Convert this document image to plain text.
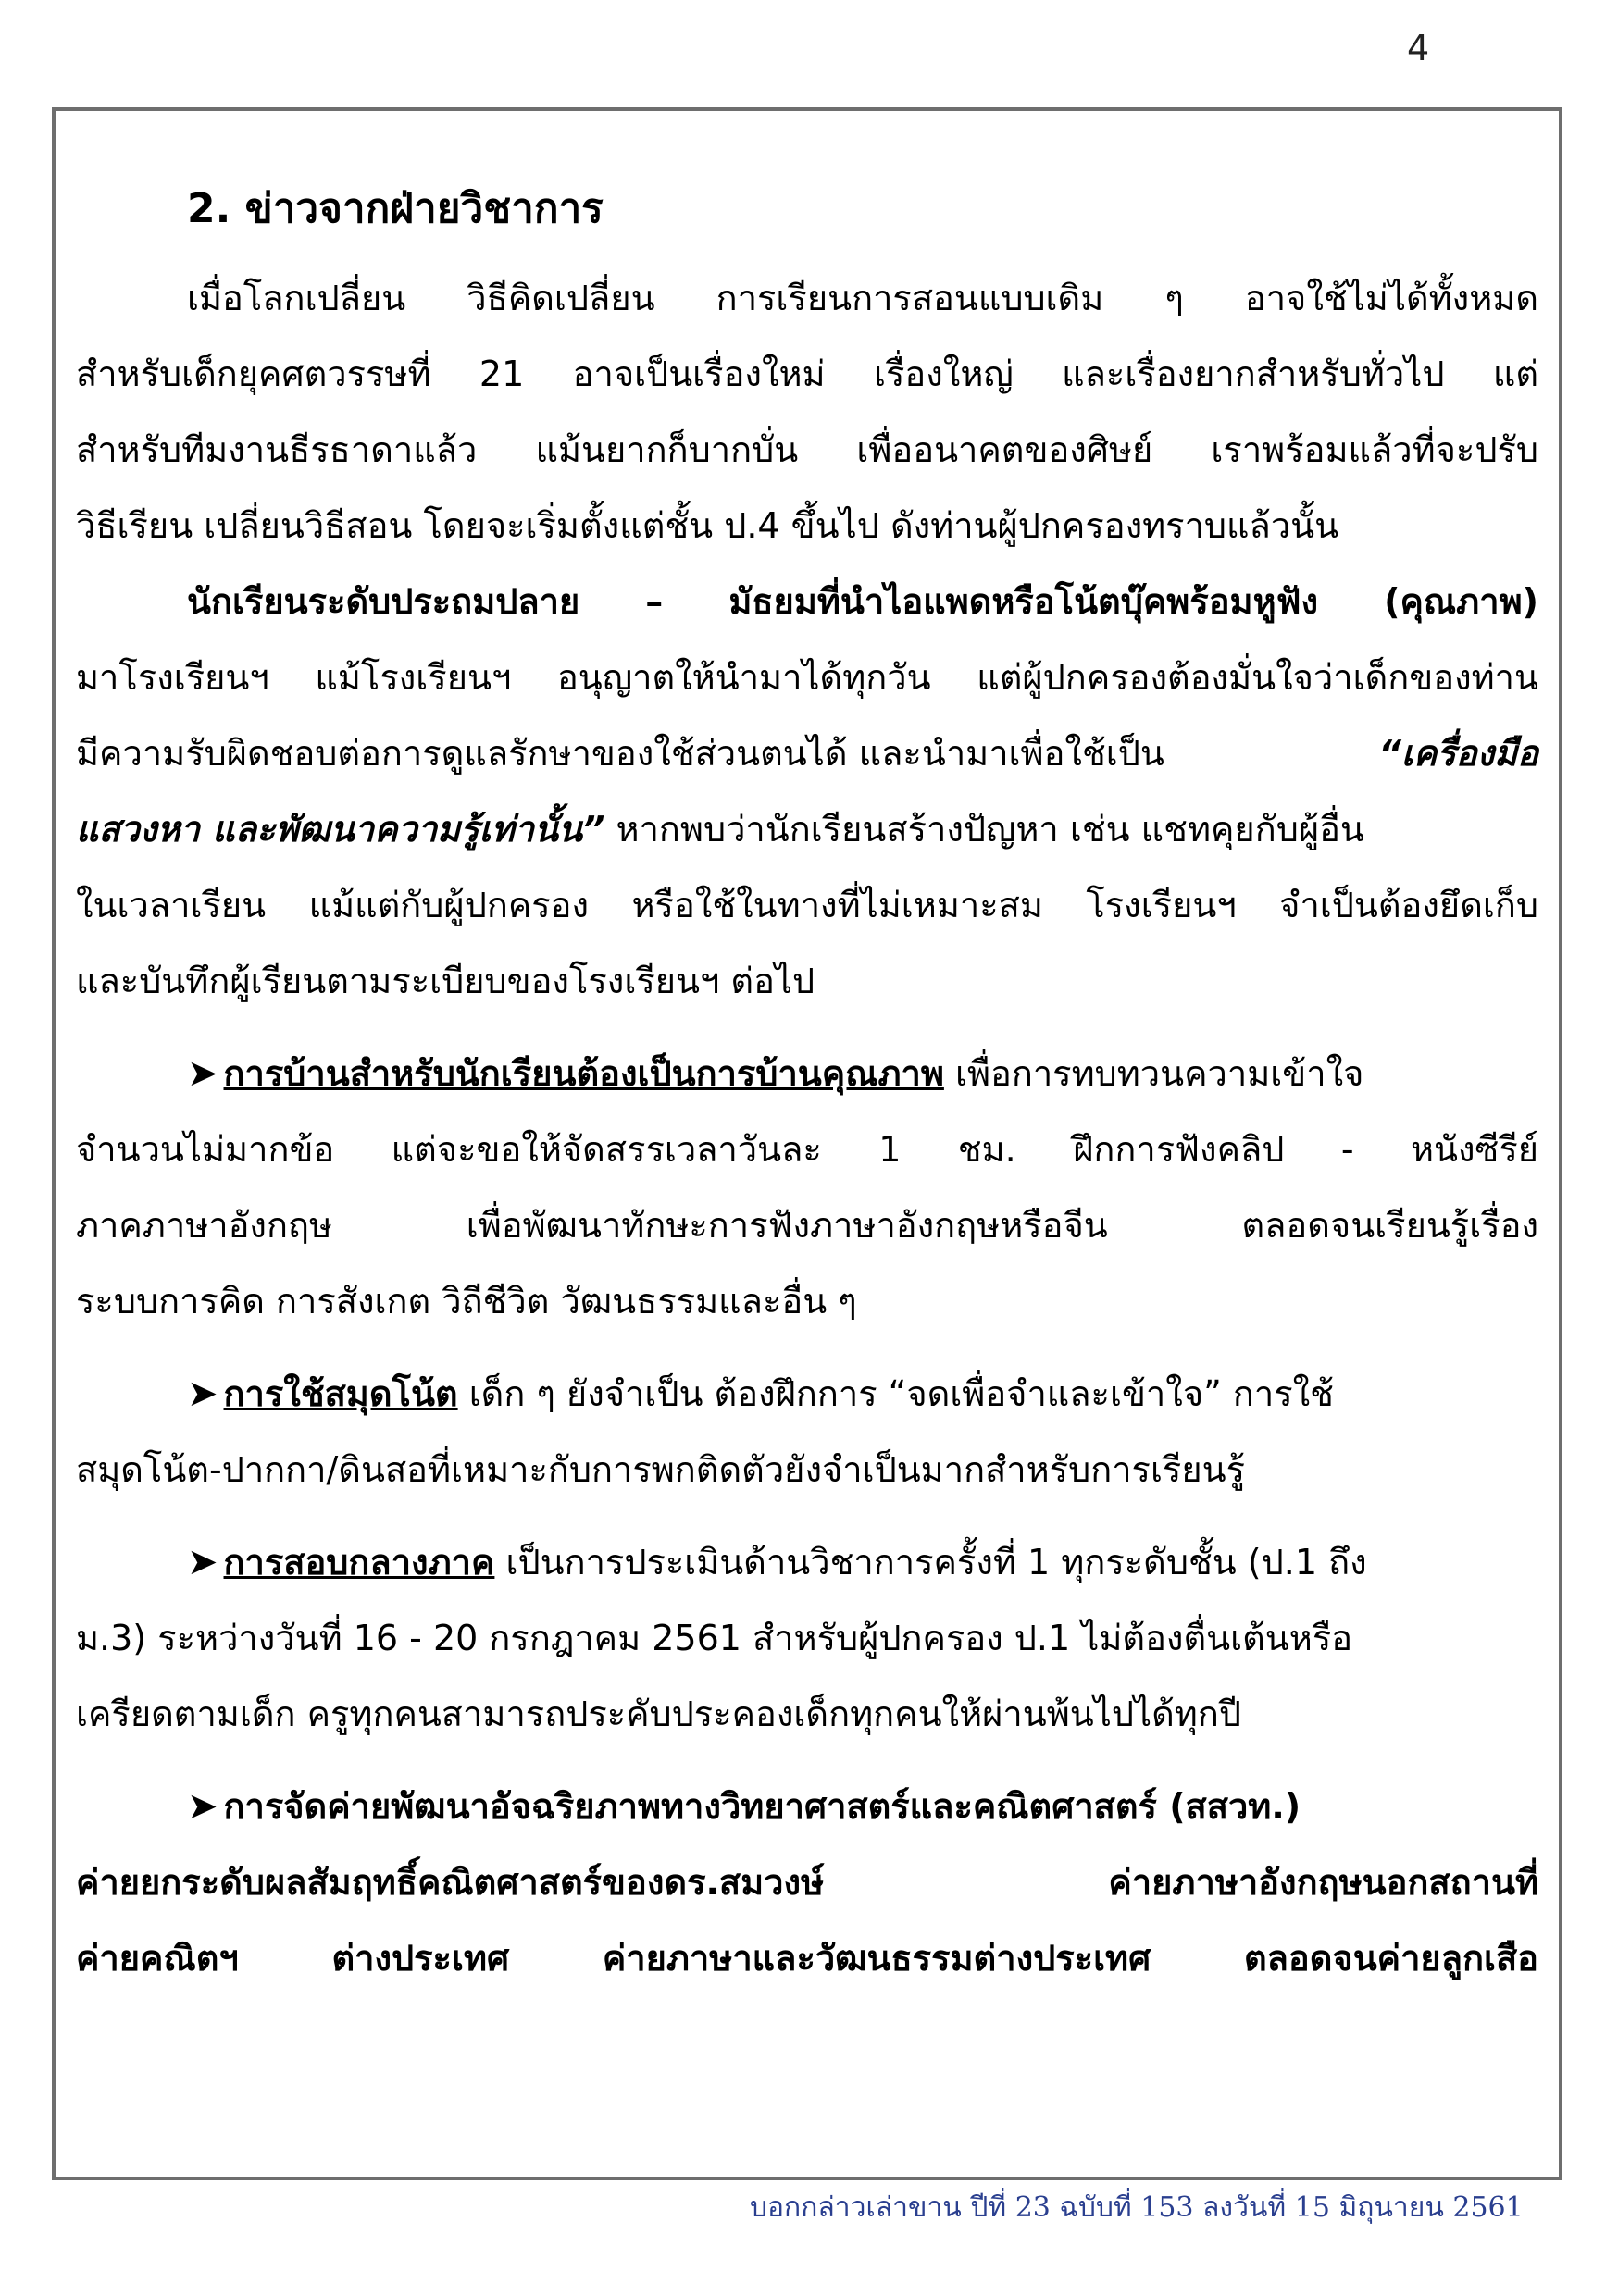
4
2. ข่าวจากฝ่ายวิชาการ
เมื่อโลกเปลี่ยน วิธีคิดเปลี่ยน การเรียนการสอนแบบเดิม ๆ อาจใช้ไม่ได้ทั้งหมด
สำหรับเด็กยุคศตวรรษที่ 21 อาจเป็นเรื่องใหม่ เรื่องใหญ่ และเรื่องยากสำหรับทั่วไป แต่
สำหรับทีมงานธีรธาดาแล้ว แม้นยากก็บากบั่น เพื่ออนาคตของศิษย์ เราพร้อมแล้วที่จะปรับ
วิธีเรียน เปลี่ยนวิธีสอน โดยจะเริ่มตั้งแต่ชั้น ป.4 ขึ้นไป ดังท่านผู้ปกครองทราบแล้วนั้น
นักเรียนระดับประถมปลาย – มัธยมที่นำไอแพดหรือโน้ตบุ๊คพร้อมหูฟัง (คุณภาพ)
มาโรงเรียนฯ แม้โรงเรียนฯ อนุญาตให้นำมาได้ทุกวัน แต่ผู้ปกครองต้องมั่นใจว่าเด็กของท่าน
มีความรับผิดชอบต่อการดูแลรักษาของใช้ส่วนตนได้ และนำมาเพื่อใช้เป็น	“เครื่องมือ
แสวงหา และพัฒนาความรู้เท่านั้น” หากพบว่านักเรียนสร้างปัญหา เช่น แชทคุยกับผู้อื่น
ในเวลาเรียน แม้แต่กับผู้ปกครอง หรือใช้ในทางที่ไม่เหมาะสม โรงเรียนฯ จำเป็นต้องยึดเก็บ
และบันทึกผู้เรียนตามระเบียบของโรงเรียนฯ ต่อไป
➤ การบ้านสำหรับนักเรียนต้องเป็นการบ้านคุณภาพ เพื่อการทบทวนความเข้าใจ
จำนวนไม่มากข้อ แต่จะขอให้จัดสรรเวลาวันละ 1 ชม. ฝึกการฟังคลิป - หนังซีรีย์
ภาคภาษาอังกฤษ เพื่อพัฒนาทักษะการฟังภาษาอังกฤษหรือจีน ตลอดจนเรียนรู้เรื่อง
ระบบการคิด การสังเกต วิถีชีวิต วัฒนธรรมและอื่น ๆ
➤ การใช้สมุดโน้ต เด็ก ๆ ยังจำเป็น ต้องฝึกการ “จดเพื่อจำและเข้าใจ” การใช้
สมุดโน้ต-ปากกา/ดินสอที่เหมาะกับการพกติดตัวยังจำเป็นมากสำหรับการเรียนรู้
➤ การสอบกลางภาค เป็นการประเมินด้านวิชาการครั้งที่ 1 ทุกระดับชั้น (ป.1 ถึง
ม.3) ระหว่างวันที่ 16 - 20 กรกฎาคม 2561 สำหรับผู้ปกครอง ป.1 ไม่ต้องตื่นเต้นหรือ
เครียดตามเด็ก ครูทุกคนสามารถประคับประคองเด็กทุกคนให้ผ่านพ้นไปได้ทุกปี
➤ การจัดค่ายพัฒนาอัจฉริยภาพทางวิทยาศาสตร์และคณิตศาสตร์ (สสวท.)
ค่ายยกระดับผลสัมฤทธิ์คณิตศาสตร์ของดร.สมวงษ์ ค่ายภาษาอังกฤษนอกสถานที่
ค่ายคณิตฯ ต่างประเทศ ค่ายภาษาและวัฒนธรรมต่างประเทศ ตลอดจนค่ายลูกเสือ
บอกกล่าวเล่าขาน ปีที่ 23 ฉบับที่ 153 ลงวันที่ 15 มิถุนายน 2561
